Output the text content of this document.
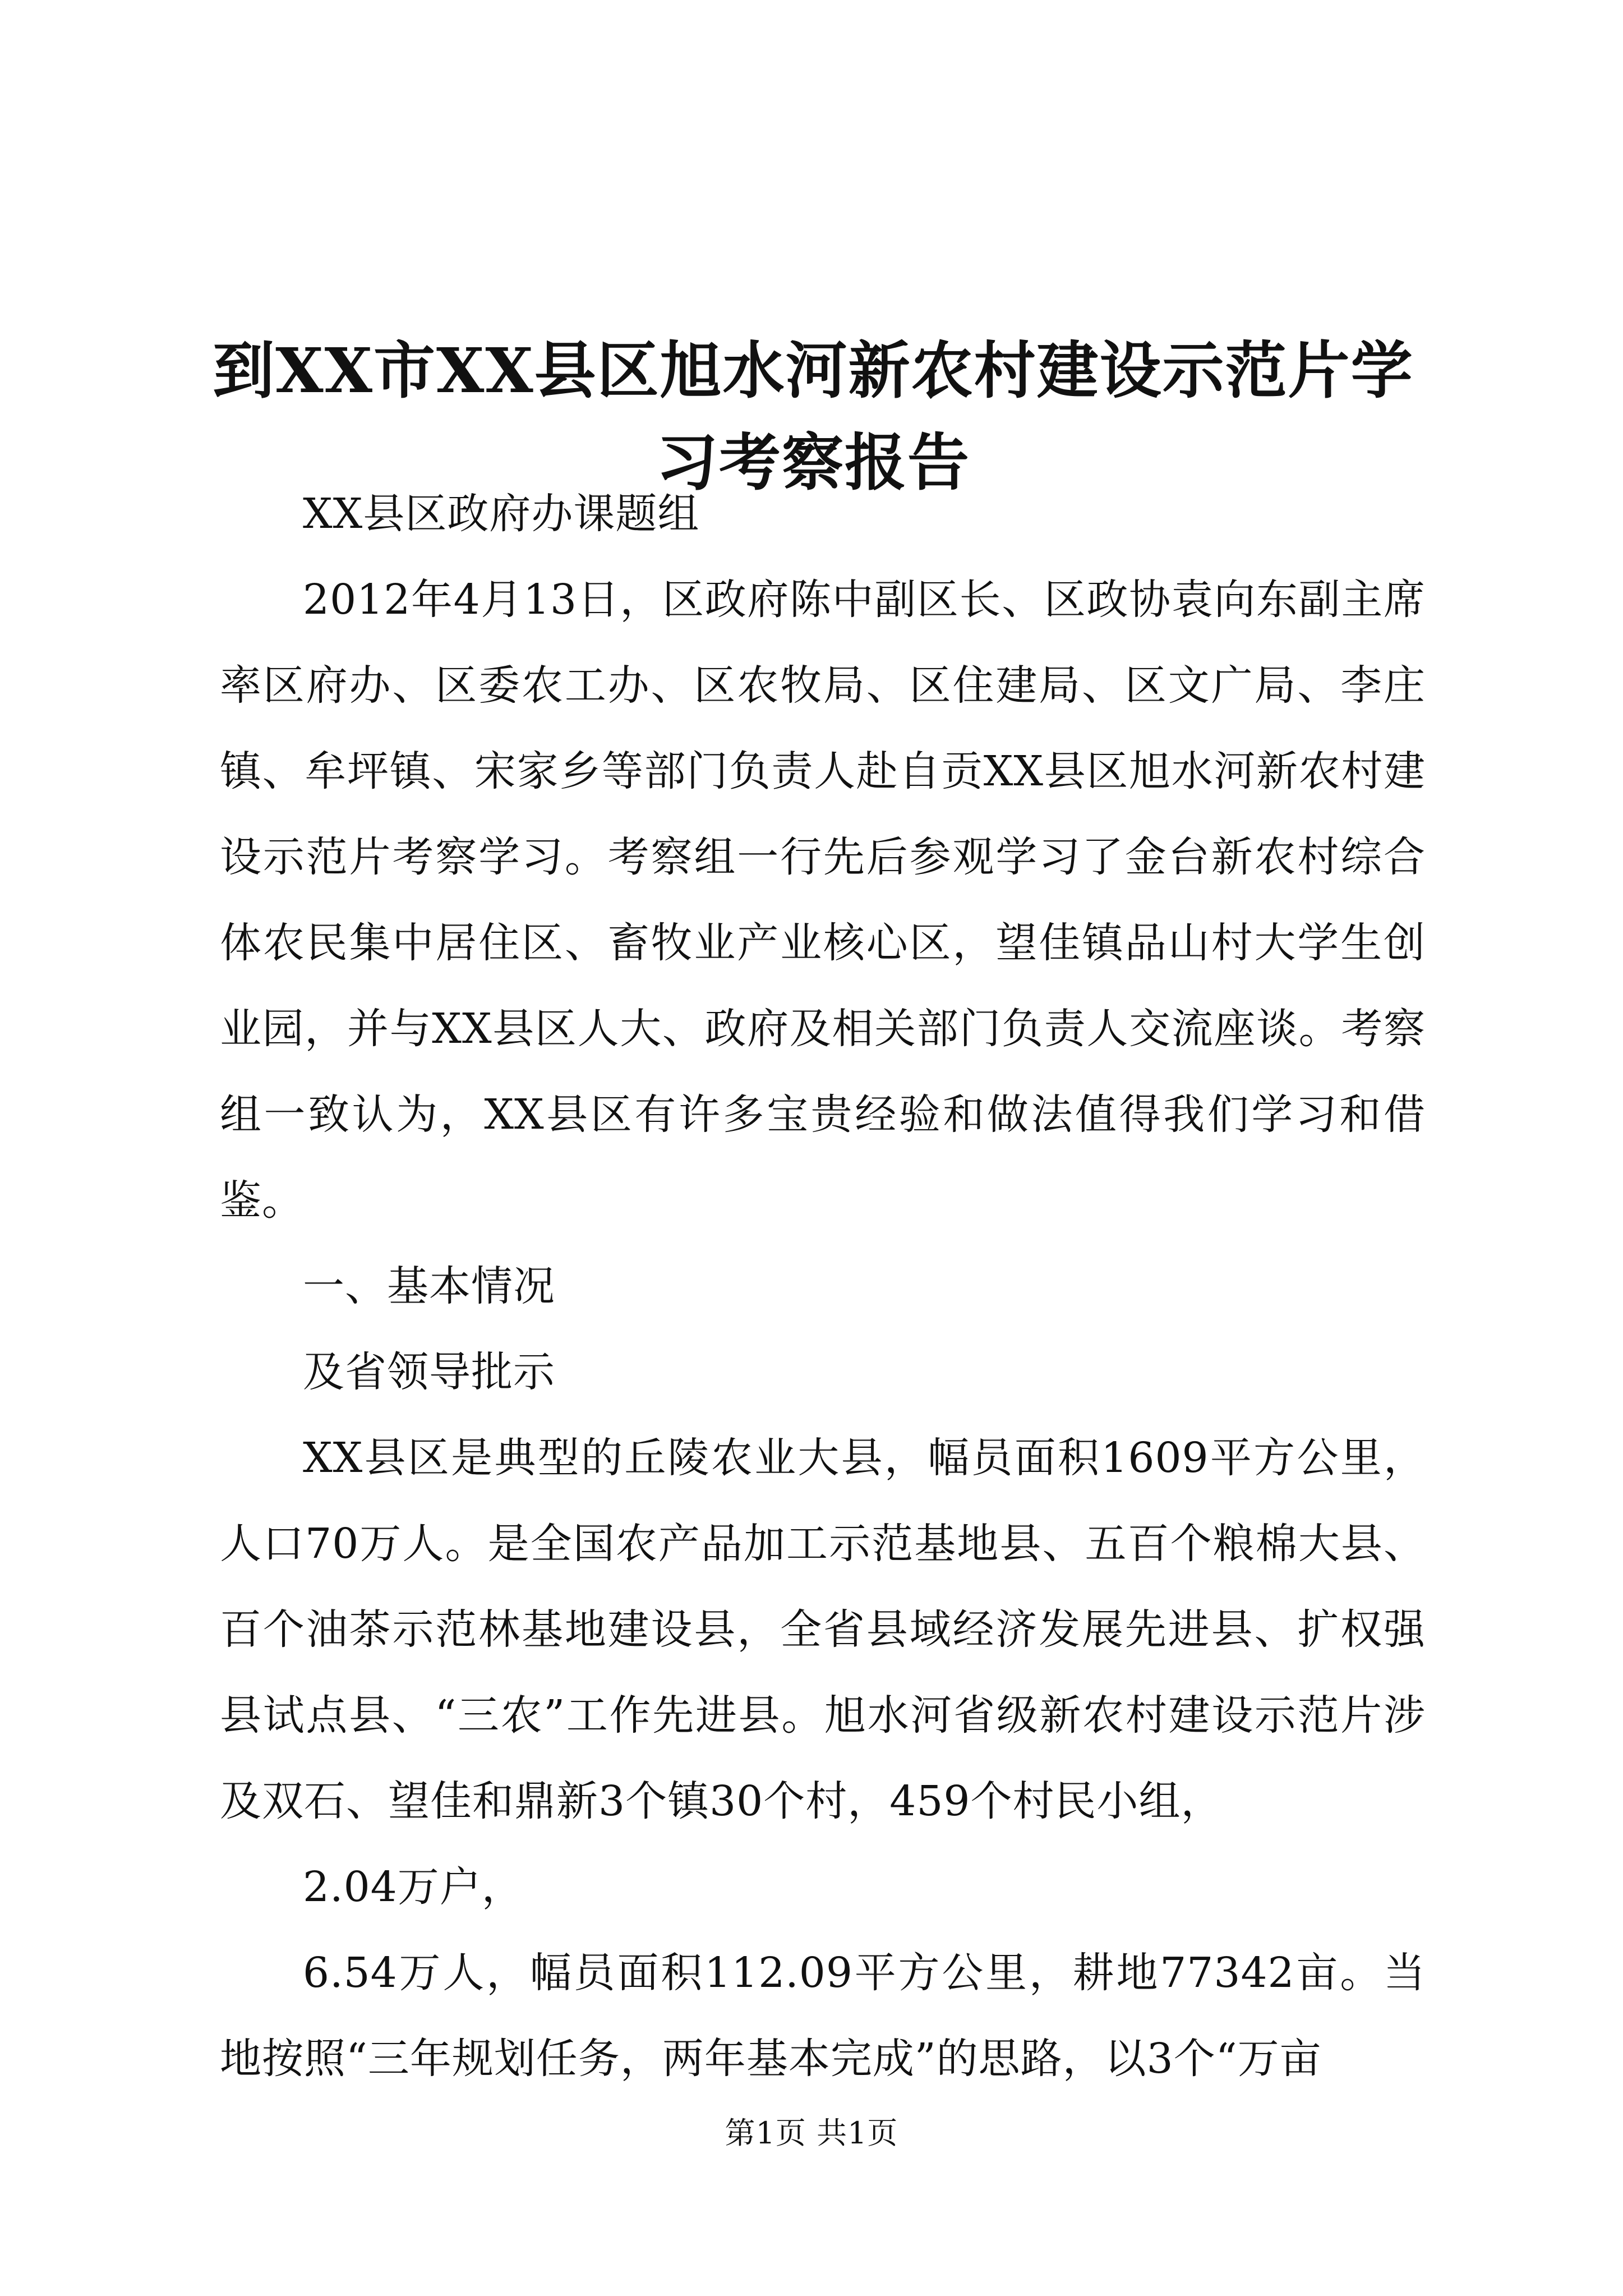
到XX市XX县区旭水河新农村建设示范片学习考察报告

XX县区政府办课题组

2012年4月13日，区政府陈中副区长、区政协袁向东副主席率区府办、区委农工办、区农牧局、区住建局、区文广局、李庄镇、牟坪镇、宋家乡等部门负责人赴自贡XX县区旭水河新农村建设示范片考察学习。考察组一行先后参观学习了金台新农村综合体农民集中居住区、畜牧业产业核心区，望佳镇品山村大学生创业园，并与XX县区人大、政府及相关部门负责人交流座谈。考察组一致认为，XX县区有许多宝贵经验和做法值得我们学习和借鉴。

一、基本情况

及省领导批示

XX县区是典型的丘陵农业大县，幅员面积1609平方公里，人口70万人。是全国农产品加工示范基地县、五百个粮棉大县、百个油茶示范林基地建设县，全省县域经济发展先进县、扩权强县试点县、“三农”工作先进县。旭水河省级新农村建设示范片涉及双石、望佳和鼎新3个镇30个村，459个村民小组，

2.04万户，

6.54万人，幅员面积112.09平方公里，耕地77342亩。当地按照“三年规划任务，两年基本完成”的思路，以3个“万亩

第1页 共1页
